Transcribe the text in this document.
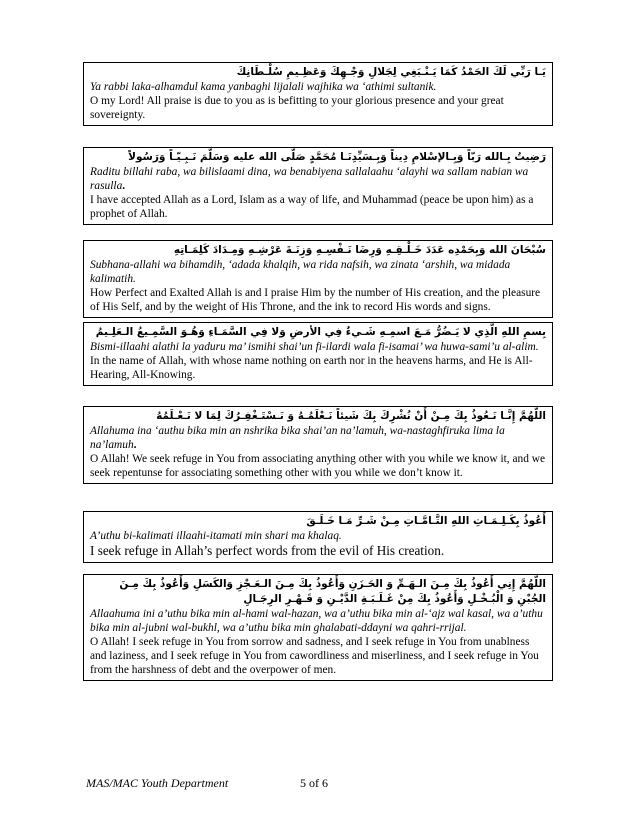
يَـا رَبِّي لَكَ الحَمْدُ كَمَا يَـنْـبَغِي لِجَلالِ وَجْـهِكَ وَعَظِـيمِ سُلْـطَانِكَ
Ya rabbi laka-alhamdul kama yanbaghi lijalali wajhika wa ‘athimi sultanik.
O my Lord! All praise is due to you as is befitting to your glorious presence and your great sovereignty.
رَضِيتُ بِـالله رَبّاً وَبِـالإسْلامِ دِيناً وَبِـسَيِّدِنَـا مُحَمَّدٍ صَلَّى الله عليه وَسَلَّمَ نَـبِـيّـاً وَرَسُولاً
Raditu billahi raba, wa bilislaami dina, wa benabiyena sallalaahu ‘alayhi wa sallam nabian wa rasulla.
I have accepted Allah as a Lord, Islam as a way of life, and Muhammad (peace be upon him) as a prophet of Allah.
سُبْحَانَ الله وَبِحَمْدِه عَدَدَ خَـلْـقِـهِ وَرِضَا نَـفْسِـهِ وَزِنَـةَ عَرْشِـهِ وَمِـدَادَ كَلِمَـاتِهِ
Subhana-allahi wa bihamdih, ‘adada khalqih, wa rida nafsih, wa zinata ‘arshih, wa midada kalimatih.
How Perfect and Exalted Allah is and I praise Him by the number of His creation, and the pleasure of His Self, and by the weight of His Throne, and the ink to record His words and signs.
بِسمِ اللهِ الَّذِي لا يَـضُرُّ مَـعَ اسمِـهِ شَـيءٌ فِي الأرضِ وَلا فِي السَّمَـاءِ وَهُـوَ السَّمِـيعُ الـعَلِـيمُ
Bismi-illaahi alathi la yaduru ma’ ismihi shai’un fi-ilardi wala fi-isamai’ wa huwa-sami’u al-alim.
In the name of Allah, with whose name nothing on earth nor in the heavens harms, and He is All-Hearing, All-Knowing.
اللّهُمَّ إِنَّـا نَـعُوذُ بِكَ مِـنْ أَنْ نُشْرِكَ بِكَ شَيئاً نَـعْلَمُـهُ وَ نَـسْتَـغْفِـرُكَ لِمَا لا نَـعْـلَمُهُ
Allahuma ina ‘authu bika min an nshrika bika shai’an na’lamuh, wa-nastaghfiruka lima la na’lamuh.
O Allah! We seek refuge in You from associating anything other with you while we know it, and we seek repentunse for associating something other with you while we don’t know it.
أَعُوذُ بِكَـلِـمَـاتِ اللهِ التَّـامَّـاتِ مِـنْ شَـرِّ مَـا خَـلَـقَ
A’uthu bi-kalimati illaahi-itamati min shari ma khalaq.
I seek refuge in Allah’s perfect words from the evil of His creation.
اللّهُمَّ إِنِي أَعُوذُ بِكَ مِـنَ الـهَـمِّ وَ الحَـزَنِ وَأَعُوذُ بِكَ مِـنَ الـعَـجْزِ وَالكَسَلِ وَأَعُوذُ بِكَ مِـنَ الجُبْنِ وَ الْبُـخْـلِ وَأَعُوذُ بِكَ مِنْ غَـلَـبَـةِ الدَّيْـنِ وَ قَـهْـرِ الرِجَـالِ
Allaahuma ini a’uthu bika min al-hami wal-hazan, wa a’uthu bika min al-‘ajz wal kasal, wa a’uthu bika min al-jubni wal-bukhl, wa a’uthu bika min ghalabati-ddayni wa qahri-rrijal.
O Allah! I seek refuge in You from sorrow and sadness, and I seek refuge in You from unablness and laziness, and I seek refuge in You from cawordliness and miserliness, and I seek refuge in You from the harshness of debt and the overpower of men.
MAS/MAC Youth Department	5 of 6
